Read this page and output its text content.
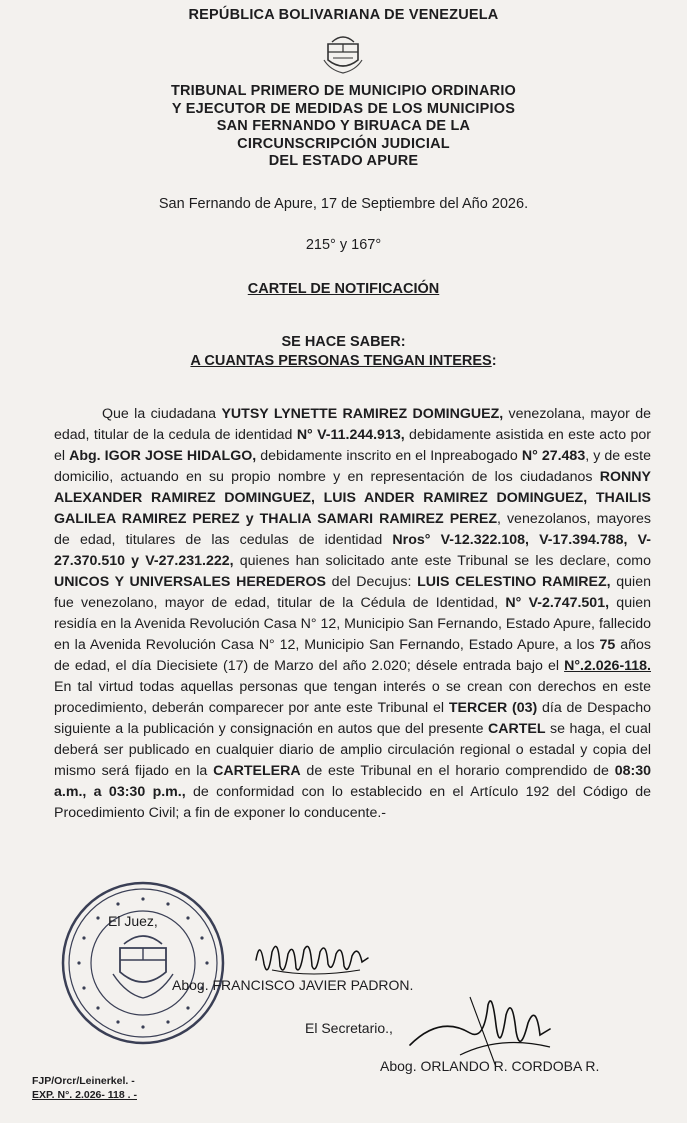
REPÚBLICA BOLIVARIANA DE VENEZUELA
TRIBUNAL PRIMERO DE MUNICIPIO ORDINARIO
Y EJECUTOR DE MEDIDAS DE LOS MUNICIPIOS
SAN FERNANDO Y BIRUACA DE LA
CIRCUNSCRIPCIÓN JUDICIAL
DEL ESTADO APURE
San Fernando de Apure, 17 de Septiembre del Año 2026.
215° y 167°
CARTEL DE NOTIFICACIÓN
SE HACE SABER:
A CUANTAS PERSONAS TENGAN INTERES:
Que la ciudadana YUTSY LYNETTE RAMIREZ DOMINGUEZ, venezolana, mayor de edad, titular de la cedula de identidad N° V-11.244.913, debidamente asistida en este acto por el Abg. IGOR JOSE HIDALGO, debidamente inscrito en el Inpreabogado N° 27.483, y de este domicilio, actuando en su propio nombre y en representación de los ciudadanos RONNY ALEXANDER RAMIREZ DOMINGUEZ, LUIS ANDER RAMIREZ DOMINGUEZ, THAILIS GALILEA RAMIREZ PEREZ y THALIA SAMARI RAMIREZ PEREZ, venezolanos, mayores de edad, titulares de las cedulas de identidad Nros° V-12.322.108, V-17.394.788, V-27.370.510 y V-27.231.222, quienes han solicitado ante este Tribunal se les declare, como UNICOS Y UNIVERSALES HEREDEROS del Decujus: LUIS CELESTINO RAMIREZ, quien fue venezolano, mayor de edad, titular de la Cédula de Identidad, N° V-2.747.501, quien residía en la Avenida Revolución Casa N° 12, Municipio San Fernando, Estado Apure, fallecido en la Avenida Revolución Casa N° 12, Municipio San Fernando, Estado Apure, a los 75 años de edad, el día Diecisiete (17) de Marzo del año 2.020; désele entrada bajo el N°.2.026-118. En tal virtud todas aquellas personas que tengan interés o se crean con derechos en este procedimiento, deberán comparecer por ante este Tribunal el TERCER (03) día de Despacho siguiente a la publicación y consignación en autos que del presente CARTEL se haga, el cual deberá ser publicado en cualquier diario de amplio circulación regional o estadal y copia del mismo será fijado en la CARTELERA de este Tribunal en el horario comprendido de 08:30 a.m., a 03:30 p.m., de conformidad con lo establecido en el Artículo 192 del Código de Procedimiento Civil; a fin de exponer lo conducente.-
El Juez,
Abog. FRANCISCO JAVIER PADRON.
El Secretario.,
Abog. ORLANDO R. CORDOBA R.
FJP/Orcr/Leinerkel. -
EXP. N°. 2.026- 118 . -
